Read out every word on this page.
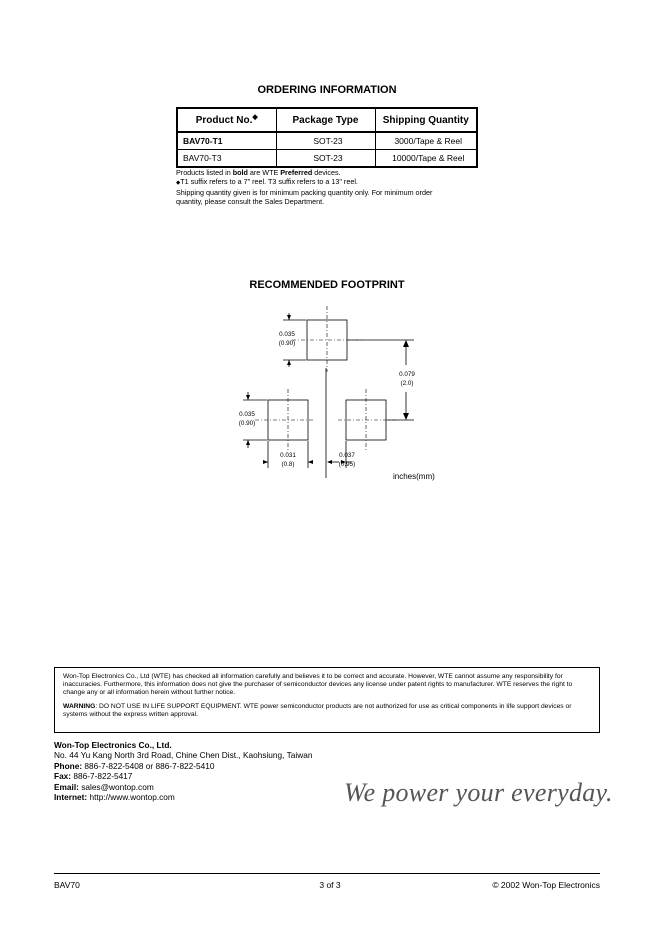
ORDERING INFORMATION
Product No.◆	Package Type	Shipping Quantity
BAV70-T1	SOT-23	3000/Tape & Reel
BAV70-T3	SOT-23	10000/Tape & Reel
Products listed in bold are WTE Preferred devices.
◆T1 suffix refers to a 7" reel. T3 suffix refers to a 13" reel.
Shipping quantity given is for minimum packing quantity only. For minimum order
quantity, please consult the Sales Department.
RECOMMENDED FOOTPRINT
0.035
(0.90)
0.035
(0.90)
0.079
(2.0)
0.031
(0.8)
0.037
(0.95)
inches(mm)

Won-Top Electronics Co., Ltd (WTE) has checked all information carefully and believes it to be correct and accurate. However, WTE cannot assume any responsibility for inaccuracies. Furthermore, this information does not give the purchaser of semiconductor devices any license under patent rights to manufacturer. WTE reserves the right to change any or all information herein without further notice.

WARNING: DO NOT USE IN LIFE SUPPORT EQUIPMENT. WTE power semiconductor products are not authorized for use as critical components in life support devices or systems without the express written approval.

Won-Top Electronics Co., Ltd.
No. 44 Yu Kang North 3rd Road, Chine Chen Dist., Kaohsiung, Taiwan
Phone: 886-7-822-5408 or 886-7-822-5410
Fax: 886-7-822-5417
Email: sales@wontop.com
Internet: http://www.wontop.com	We power your everyday.
BAV70	3 of 3	© 2002 Won-Top Electronics
